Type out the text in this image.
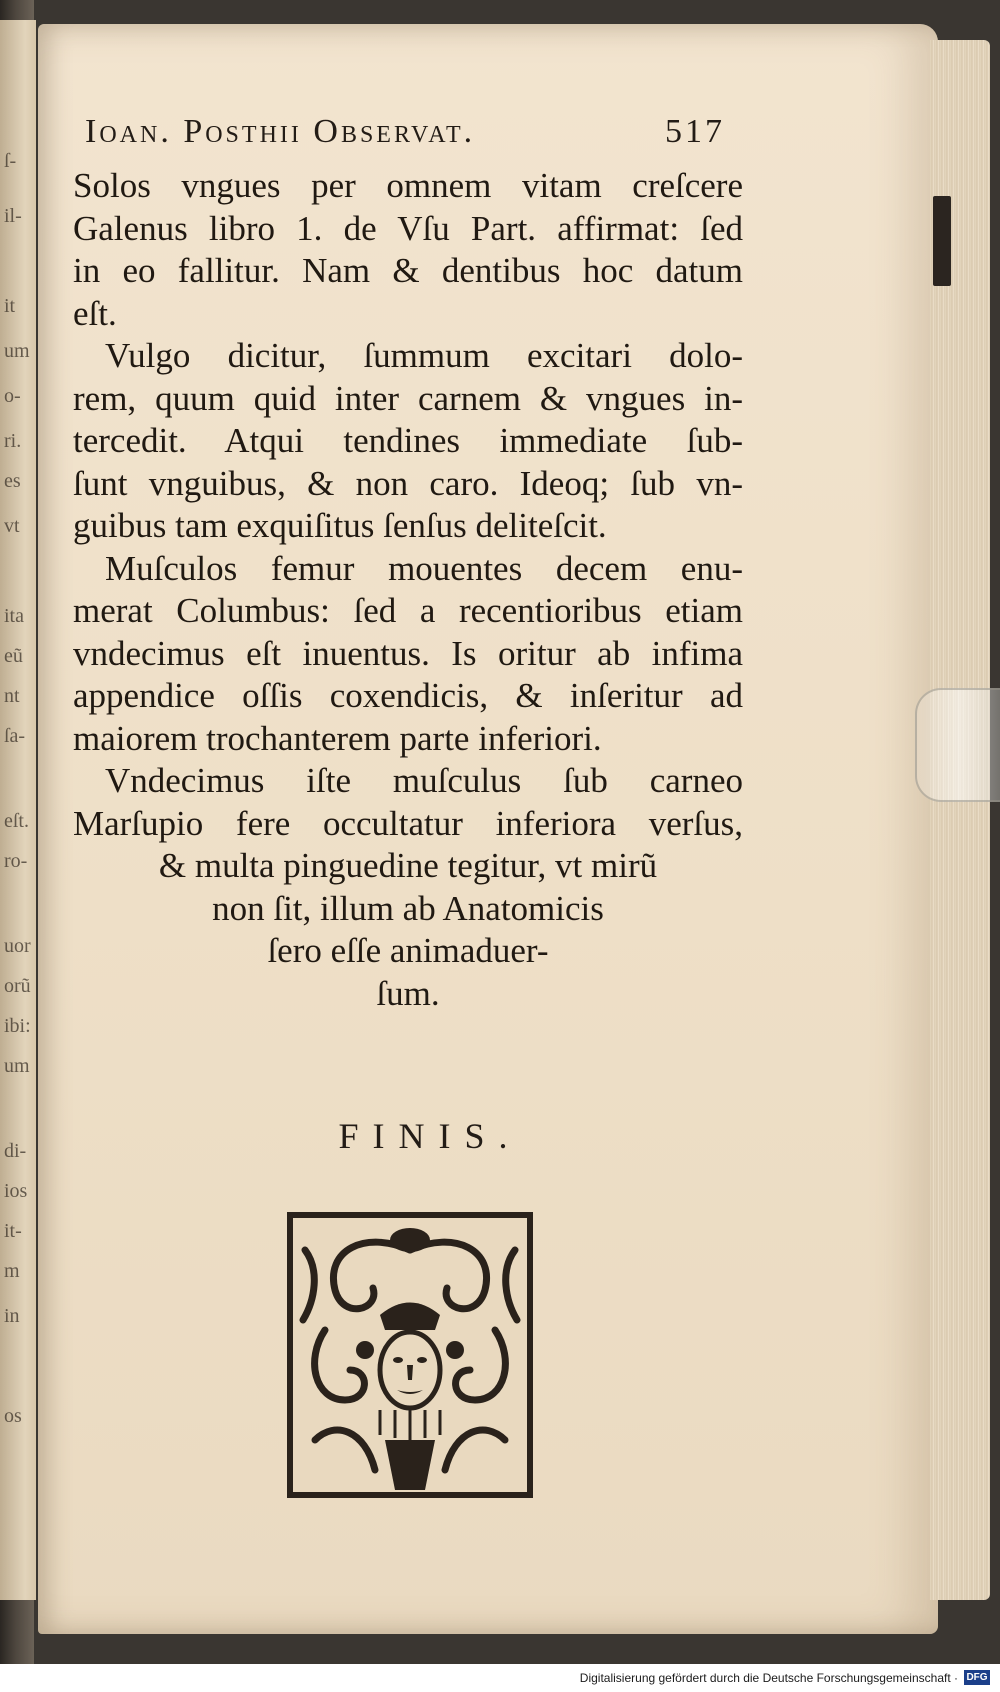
ſ-
il-
it
um
o-
ri.
es
vt
ita
eũ
nt
ſa-
eſt.
ro-
uor
orũ
ibi:
um
di-
ios
it-
m
in
os
Ioan. Posthii Observat.	517
Solos vngues per omnem vitam creſcere
Galenus libro 1. de Vſu Part. affirmat: ſed
in eo fallitur. Nam & dentibus hoc datum
eſt.
Vulgo dicitur, ſummum excitari dolo-
rem, quum quid inter carnem & vngues in-
tercedit. Atqui tendines immediate ſub-
ſunt vnguibus, & non caro. Ideoq; ſub vn-
guibus tam exquiſitus ſenſus deliteſcit.
Muſculos femur mouentes decem enu-
merat Columbus: ſed a recentioribus etiam
vndecimus eſt inuentus. Is oritur ab infima
appendice oſſis coxendicis, & inſeritur ad
maiorem trochanterem parte inferiori.
Vndecimus iſte muſculus ſub carneo
Marſupio fere occultatur inferiora verſus,
& multa pinguedine tegitur, vt mirũ
non ſit, illum ab Anatomicis
ſero eſſe animaduer-
ſum.
FINIS.
Digitalisierung gefördert durch die Deutsche Forschungsgemeinschaft · DFG
